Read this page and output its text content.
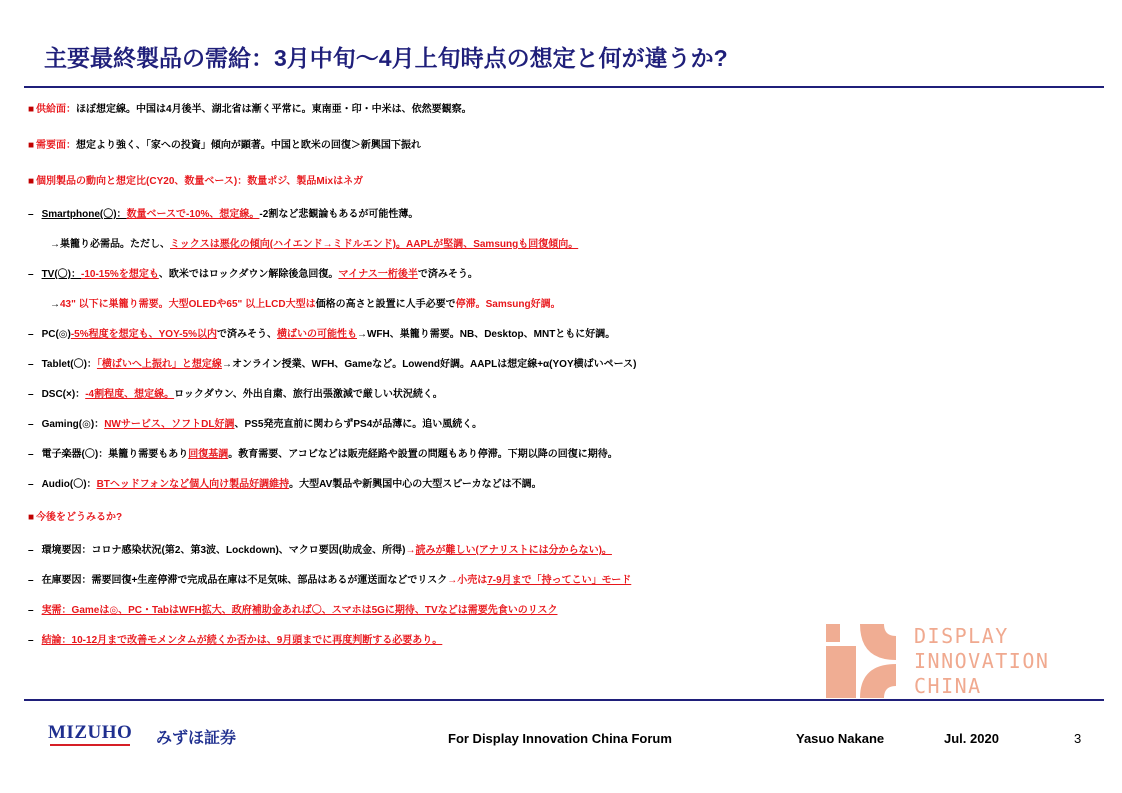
主要最終製品の需給：3月中旬〜4月上旬時点の想定と何が違うか?
■ 供給面：ほぼ想定線。中国は4月後半、湖北省は漸く平常に。東南亜・印・中米は、依然要観察。
■ 需要面：想定より強く、「家への投資」傾向が顕著。中国と欧米の回復＞新興国下振れ
■ 個別製品の動向と想定比(CY20、数量ベース)：数量ポジ、製品Mixはネガ
– Smartphone(〇)：数量ベースで-10%、想定線。-2割など悲観論もあるが可能性薄。
→巣籠り必需品。ただし、ミックスは悪化の傾向(ハイエンド→ミドルエンド)。AAPLが堅調、Samsungも回復傾向。
– TV(〇)：-10-15%を想定も、欧米ではロックダウン解除後急回復。マイナス一桁後半で済みそう。
→43" 以下に巣籠り需要。大型OLEDや65" 以上LCD大型は価格の高さと設置に人手必要で停滞。Samsung好調。
– PC(◎)-5%程度を想定も、YOY-5%以内で済みそう、横ばいの可能性も→WFH、巣籠り需要。NB、Desktop、MNTともに好調。
– Tablet(〇)：「横ばいへ上振れ」と想定線→オンライン授業、WFH、Gameなど。Lowend好調。AAPLは想定線+α(YOY横ばいペース)
– DSC(×)：-4割程度、想定線。ロックダウン、外出自粛、旅行出張激減で厳しい状況続く。
– Gaming(◎)：NWサービス、ソフトDL好調、PS5発売直前に関わらずPS4が品薄に。追い風続く。
– 電子楽器(〇)：巣籠り需要もあり回復基調。教育需要、アコピなどは販売経路や設置の問題もあり停滞。下期以降の回復に期待。
– Audio(〇)：BTヘッドフォンなど個人向け製品好調維持。大型AV製品や新興国中心の大型スピーカなどは不調。
■ 今後をどうみるか?
– 環境要因：コロナ感染状況(第2、第3波、Lockdown)、マクロ要因(助成金、所得)→読みが難しい(アナリストには分からない)。
– 在庫要因：需要回復+生産停滞で完成品在庫は不足気味、部品はあるが運送面などでリスク→小売は7-9月まで「持ってこい」モード
– 実需：Gameは◎、PC・TabはWFH拡大、政府補助金あれば〇、スマホは5Gに期待、TVなどは需要先食いのリスク
– 結論：10-12月まで改善モメンタムが続くか否かは、9月頭までに再度判断する必要あり。	DISPLAY
INNOVATION
CHINA
MIZUHO みずほ証券	For Display Innovation China Forum	Yasuo Nakane	Jul. 2020	3
